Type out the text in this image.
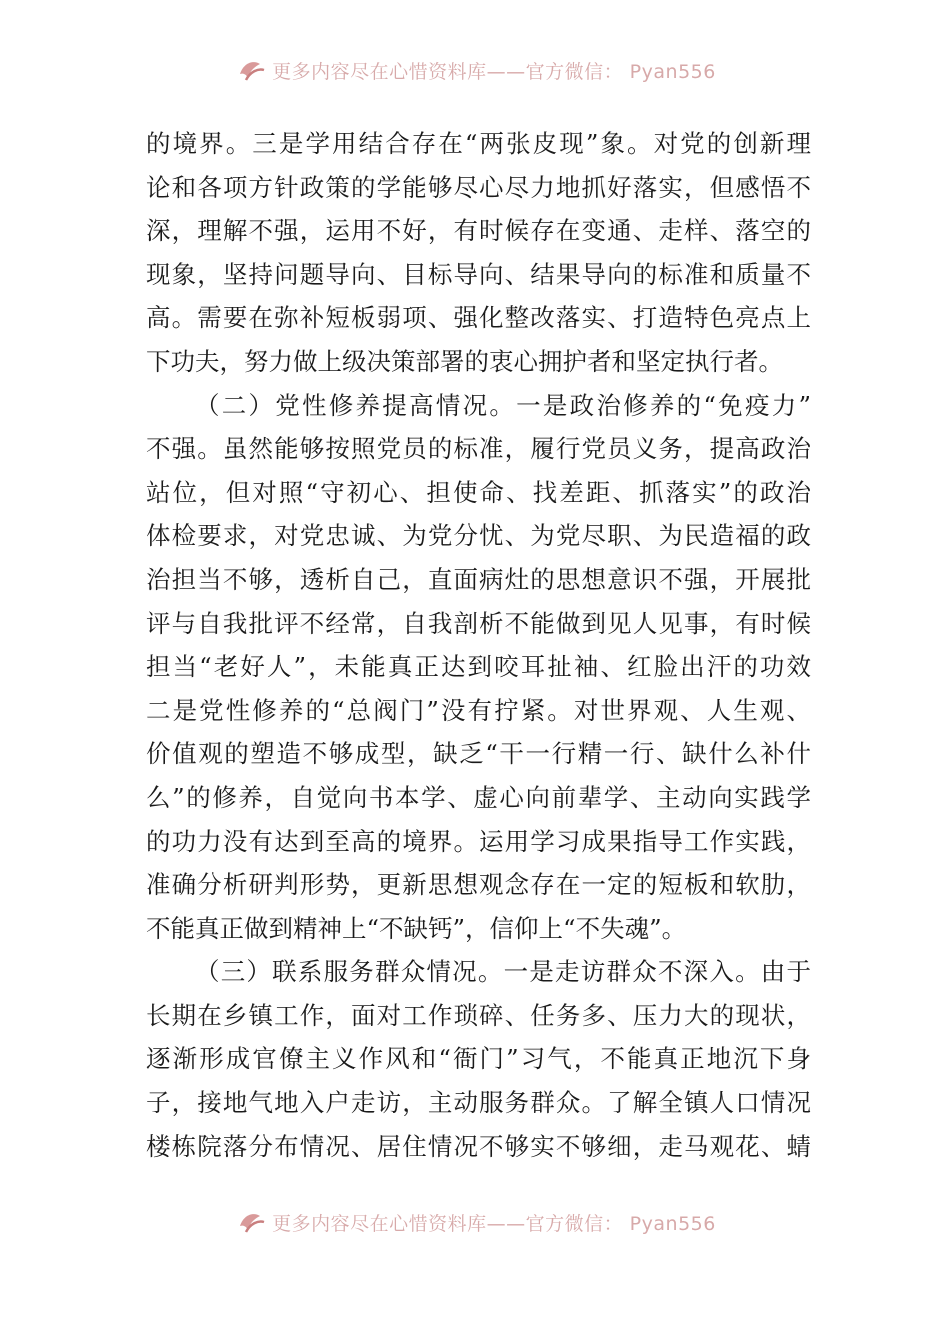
更多内容尽在心惜资料库——官方微信： Pyan556
的境界。三是学用结合存在“两张皮现”象。对党的创新理
论和各项方针政策的学能够尽心尽力地抓好落实，但感悟不
深，理解不强，运用不好，有时候存在变通、走样、落空的
现象，坚持问题导向、目标导向、结果导向的标准和质量不
高。需要在弥补短板弱项、强化整改落实、打造特色亮点上
下功夫，努力做上级决策部署的衷心拥护者和坚定执行者。
（二）党性修养提高情况。一是政治修养的“免疫力”
不强。虽然能够按照党员的标准，履行党员义务，提高政治
站位，但对照“守初心、担使命、找差距、抓落实”的政治
体检要求，对党忠诚、为党分忧、为党尽职、为民造福的政
治担当不够，透析自己，直面病灶的思想意识不强，开展批
评与自我批评不经常，自我剖析不能做到见人见事，有时候
担当“老好人”，未能真正达到咬耳扯袖、红脸出汗的功效
二是党性修养的“总阀门”没有拧紧。对世界观、人生观、
价值观的塑造不够成型，缺乏“干一行精一行、缺什么补什
么”的修养，自觉向书本学、虚心向前辈学、主动向实践学
的功力没有达到至高的境界。运用学习成果指导工作实践，
准确分析研判形势，更新思想观念存在一定的短板和软肋，
不能真正做到精神上“不缺钙”，信仰上“不失魂”。
（三）联系服务群众情况。一是走访群众不深入。由于
长期在乡镇工作，面对工作琐碎、任务多、压力大的现状，
逐渐形成官僚主义作风和“衙门”习气，不能真正地沉下身
子，接地气地入户走访，主动服务群众。了解全镇人口情况
楼栋院落分布情况、居住情况不够实不够细，走马观花、蜻
更多内容尽在心惜资料库——官方微信： Pyan556
